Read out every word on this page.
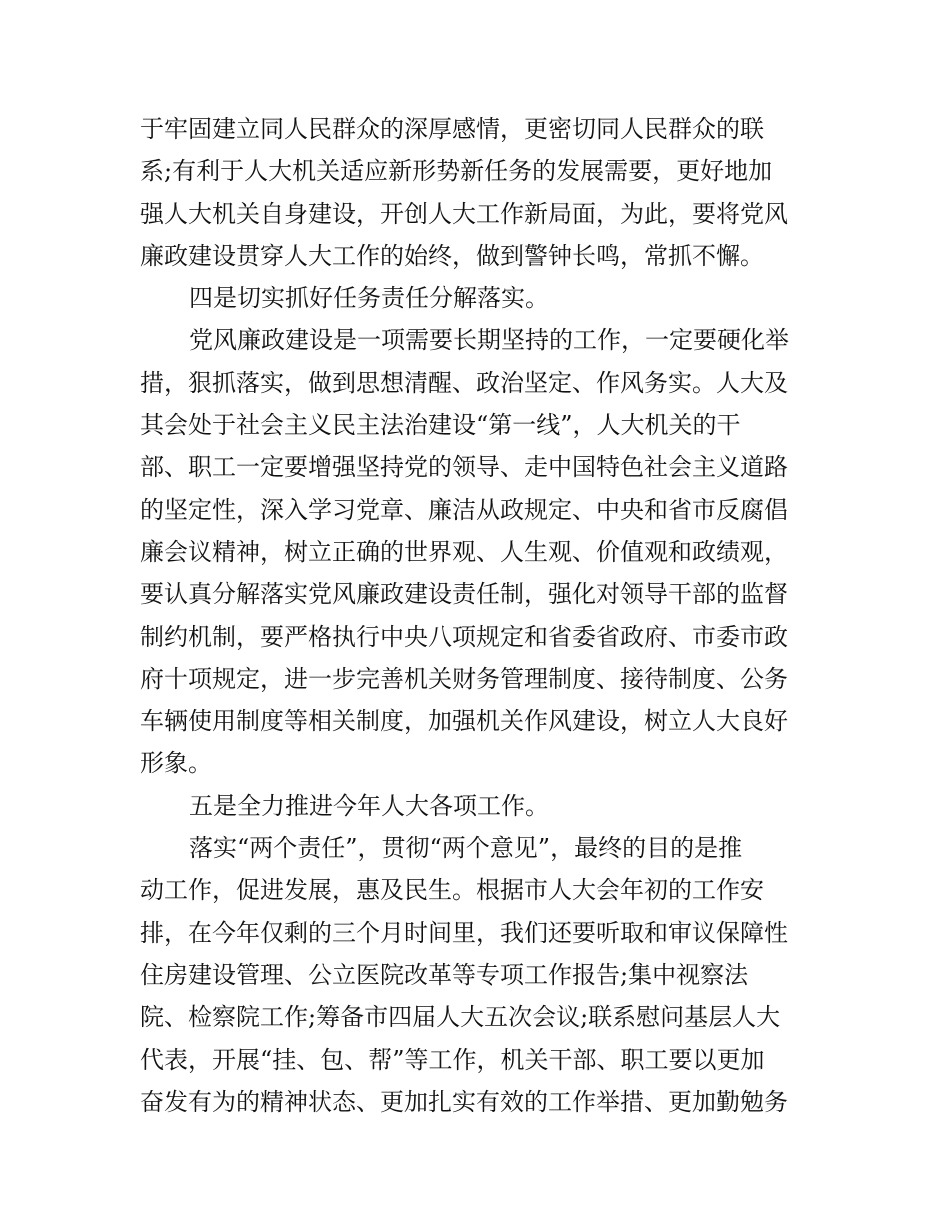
于牢固建立同人民群众的深厚感情，更密切同人民群众的联
系;有利于人大机关适应新形势新任务的发展需要，更好地加
强人大机关自身建设，开创人大工作新局面，为此，要将党风
廉政建设贯穿人大工作的始终，做到警钟长鸣，常抓不懈。
四是切实抓好任务责任分解落实。
党风廉政建设是一项需要长期坚持的工作，一定要硬化举
措，狠抓落实，做到思想清醒、政治坚定、作风务实。人大及
其会处于社会主义民主法治建设“第一线”，人大机关的干
部、职工一定要增强坚持党的领导、走中国特色社会主义道路
的坚定性，深入学习党章、廉洁从政规定、中央和省市反腐倡
廉会议精神，树立正确的世界观、人生观、价值观和政绩观，
要认真分解落实党风廉政建设责任制，强化对领导干部的监督
制约机制，要严格执行中央八项规定和省委省政府、市委市政
府十项规定，进一步完善机关财务管理制度、接待制度、公务
车辆使用制度等相关制度，加强机关作风建设，树立人大良好
形象。
五是全力推进今年人大各项工作。
落实“两个责任”，贯彻“两个意见”，最终的目的是推
动工作，促进发展，惠及民生。根据市人大会年初的工作安
排，在今年仅剩的三个月时间里，我们还要听取和审议保障性
住房建设管理、公立医院改革等专项工作报告;集中视察法
院、检察院工作;筹备市四届人大五次会议;联系慰问基层人大
代表，开展“挂、包、帮”等工作，机关干部、职工要以更加
奋发有为的精神状态、更加扎实有效的工作举措、更加勤勉务
